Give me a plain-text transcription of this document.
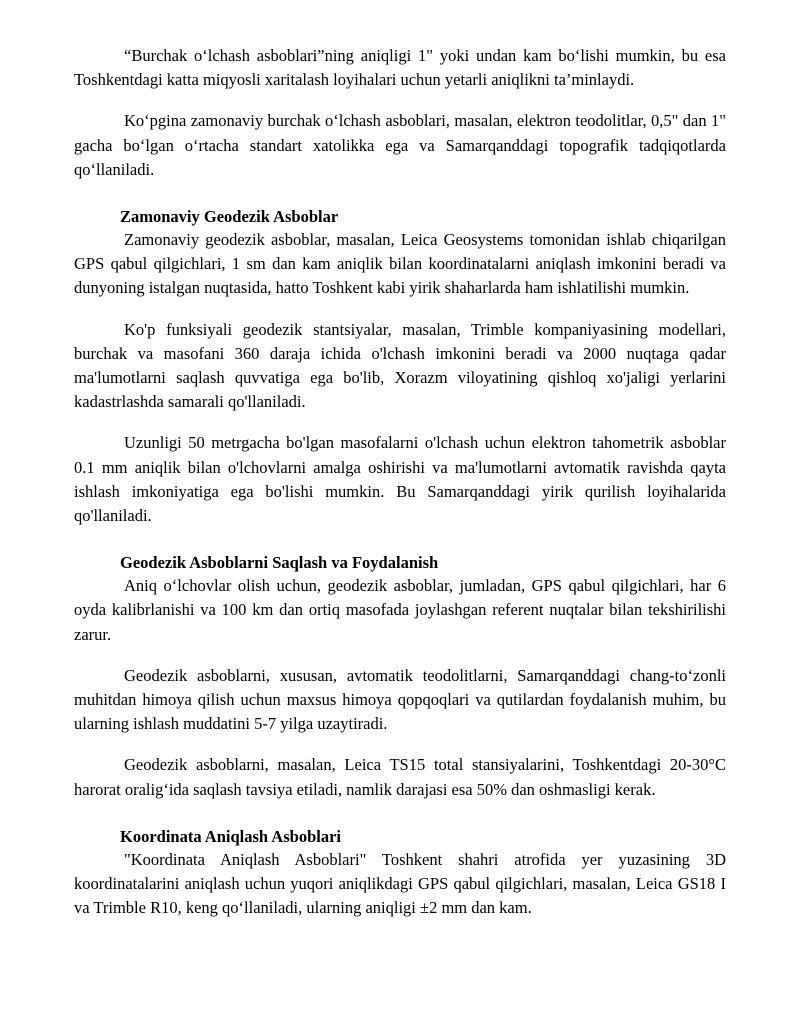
“Burchak o‘lchash asboblari”ning aniqligi 1" yoki undan kam bo‘lishi mumkin, bu esa Toshkentdagi katta miqyosli xaritalash loyihalari uchun yetarli aniqlikni ta’minlaydi.

Ko‘pgina zamonaviy burchak o‘lchash asboblari, masalan, elektron teodolitlar, 0,5" dan 1" gacha bo‘lgan o‘rtacha standart xatolikka ega va Samarqanddagi topografik tadqiqotlarda qo‘llaniladi.

Zamonaviy Geodezik Asboblar

Zamonaviy geodezik asboblar, masalan, Leica Geosystems tomonidan ishlab chiqarilgan GPS qabul qilgichlari, 1 sm dan kam aniqlik bilan koordinatalarni aniqlash imkonini beradi va dunyoning istalgan nuqtasida, hatto Toshkent kabi yirik shaharlarda ham ishlatilishi mumkin.

Ko'p funksiyali geodezik stantsiyalar, masalan, Trimble kompaniyasining modellari, burchak va masofani 360 daraja ichida o'lchash imkonini beradi va 2000 nuqtaga qadar ma'lumotlarni saqlash quvvatiga ega bo'lib, Xorazm viloyatining qishloq xo'jaligi yerlarini kadastrlashda samarali qo'llaniladi.

Uzunligi 50 metrgacha bo'lgan masofalarni o'lchash uchun elektron tahometrik asboblar 0.1 mm aniqlik bilan o'lchovlarni amalga oshirishi va ma'lumotlarni avtomatik ravishda qayta ishlash imkoniyatiga ega bo'lishi mumkin. Bu Samarqanddagi yirik qurilish loyihalarida qo'llaniladi.

Geodezik Asboblarni Saqlash va Foydalanish

Aniq o‘lchovlar olish uchun, geodezik asboblar, jumladan, GPS qabul qilgichlari, har 6 oyda kalibrlanishi va 100 km dan ortiq masofada joylashgan referent nuqtalar bilan tekshirilishi zarur.

Geodezik asboblarni, xususan, avtomatik teodolitlarni, Samarqanddagi chang-to‘zonli muhitdan himoya qilish uchun maxsus himoya qopqoqlari va qutilardan foydalanish muhim, bu ularning ishlash muddatini 5-7 yilga uzaytiradi.

Geodezik asboblarni, masalan, Leica TS15 total stansiyalarini, Toshkentdagi 20-30°C harorat oralig‘ida saqlash tavsiya etiladi, namlik darajasi esa 50% dan oshmasligi kerak.

Koordinata Aniqlash Asboblari

"Koordinata Aniqlash Asboblari" Toshkent shahri atrofida yer yuzasining 3D koordinatalarini aniqlash uchun yuqori aniqlikdagi GPS qabul qilgichlari, masalan, Leica GS18 I va Trimble R10, keng qo‘llaniladi, ularning aniqligi ±2 mm dan kam.
